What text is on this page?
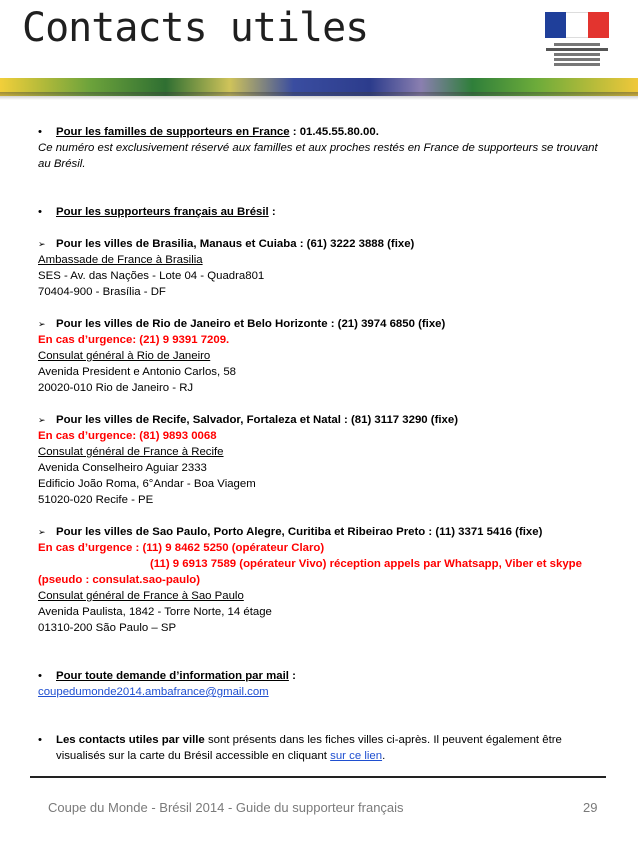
Contacts utiles

• Pour les familles de supporteurs en France : 01.45.55.80.00.

Ce numéro est exclusivement réservé aux familles et aux proches restés en France de supporteurs se trouvant au Brésil.

• Pour les supporteurs français au Brésil :

➢ Pour les villes de Brasilia, Manaus et Cuiaba : (61) 3222 3888 (fixe)

Ambassade de France à Brasilia

SES - Av. das Nações - Lote 04 - Quadra801

70404-900 - Brasília - DF

➢ Pour les villes de Rio de Janeiro et Belo Horizonte : (21) 3974 6850 (fixe)

En cas d’urgence: (21) 9 9391 7209.

Consulat général à Rio de Janeiro

Avenida President e Antonio Carlos, 58

20020-010 Rio de Janeiro - RJ

➢ Pour les villes de Recife, Salvador, Fortaleza et Natal : (81) 3117 3290 (fixe)

En cas d’urgence: (81) 9893 0068

Consulat général de France à Recife

Avenida Conselheiro Aguiar 2333

Edificio João Roma, 6°Andar - Boa Viagem

51020-020 Recife - PE

➢ Pour les villes de Sao Paulo, Porto Alegre, Curitiba et Ribeirao Preto : (11) 3371 5416 (fixe)

En cas d’urgence : (11) 9 8462 5250 (opérateur Claro)

(11) 9 6913 7589 (opérateur Vivo) réception appels par Whatsapp, Viber et skype

(pseudo : consulat.sao-paulo)

Consulat général de France à Sao Paulo

Avenida Paulista, 1842 - Torre Norte, 14 étage

01310-200 São Paulo – SP

• Pour toute demande d’information par mail :

coupedumonde2014.ambafrance@gmail.com

• Les contacts utiles par ville sont présents dans les fiches villes ci-après. Il peuvent également être

visualisés sur la carte du Brésil accessible en cliquant sur ce lien.

Coupe du Monde - Brésil 2014 - Guide du supporteur français	29
